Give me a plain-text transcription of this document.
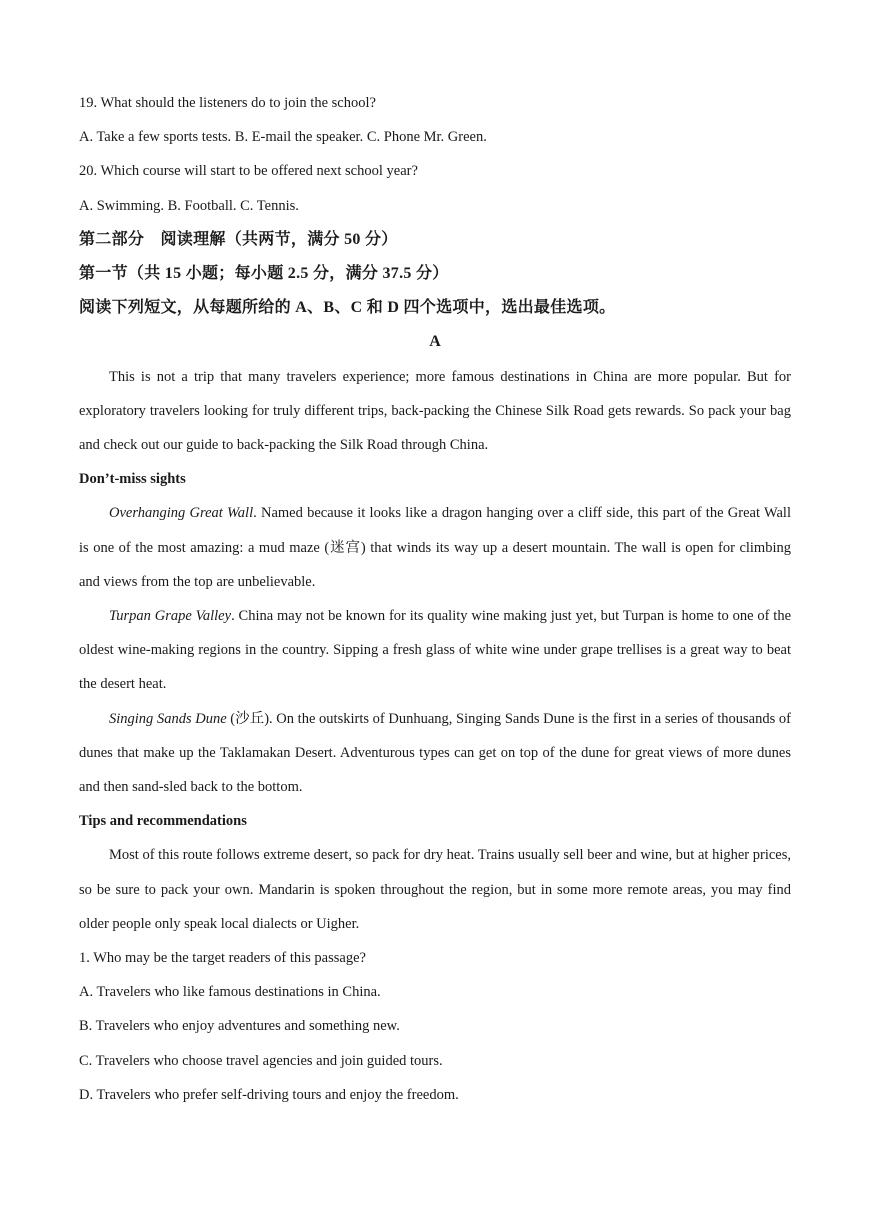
19. What should the listeners do to join the school?

A. Take a few sports tests. B. E-mail the speaker. C. Phone Mr. Green.

20. Which course will start to be offered next school year?

A. Swimming. B. Football. C. Tennis.

第二部分　阅读理解（共两节，满分 50 分）

第一节（共 15 小题；每小题 2.5 分，满分 37.5 分）

阅读下列短文，从每题所给的 A、B、C 和 D 四个选项中，选出最佳选项。

A

This is not a trip that many travelers experience; more famous destinations in China are more popular. But for exploratory travelers looking for truly different trips, back-packing the Chinese Silk Road gets rewards. So pack your bag and check out our guide to back-packing the Silk Road through China.

Don’t-miss sights

Overhanging Great Wall. Named because it looks like a dragon hanging over a cliff side, this part of the Great Wall is one of the most amazing: a mud maze (迷宫) that winds its way up a desert mountain. The wall is open for climbing and views from the top are unbelievable.

Turpan Grape Valley. China may not be known for its quality wine making just yet, but Turpan is home to one of the oldest wine-making regions in the country. Sipping a fresh glass of white wine under grape trellises is a great way to beat the desert heat.

Singing Sands Dune (沙丘). On the outskirts of Dunhuang, Singing Sands Dune is the first in a series of thousands of dunes that make up the Taklamakan Desert. Adventurous types can get on top of the dune for great views of more dunes and then sand-sled back to the bottom.

Tips and recommendations

Most of this route follows extreme desert, so pack for dry heat. Trains usually sell beer and wine, but at higher prices, so be sure to pack your own. Mandarin is spoken throughout the region, but in some more remote areas, you may find older people only speak local dialects or Uigher.

1. Who may be the target readers of this passage?

A. Travelers who like famous destinations in China.

B. Travelers who enjoy adventures and something new.

C. Travelers who choose travel agencies and join guided tours.

D. Travelers who prefer self-driving tours and enjoy the freedom.
